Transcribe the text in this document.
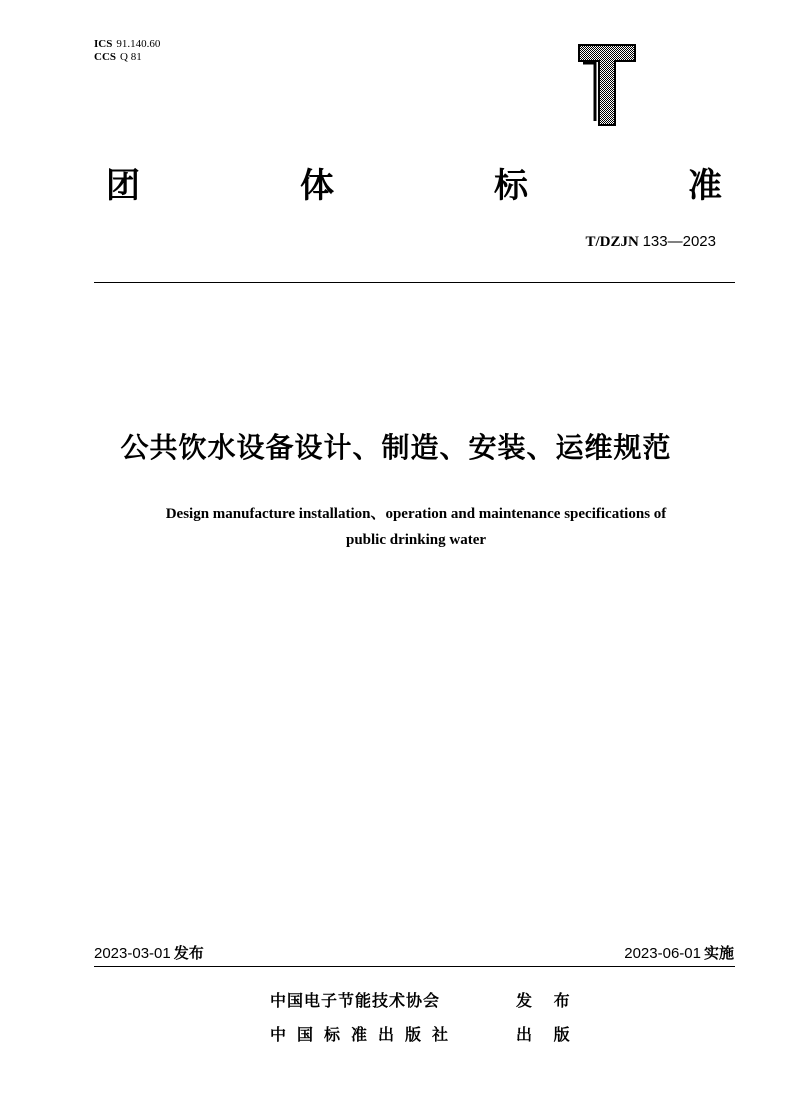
ICS 91.140.60
CCS Q 81
团	体	标	准
T/DZJN 133—2023
公共饮水设备设计、制造、安装、运维规范
Design manufacture installation、operation and maintenance specifications of
public drinking water
2023-03-01 发布	2023-06-01 实施
中国电子节能技术协会	发 布
中国标准出版社	出 版
